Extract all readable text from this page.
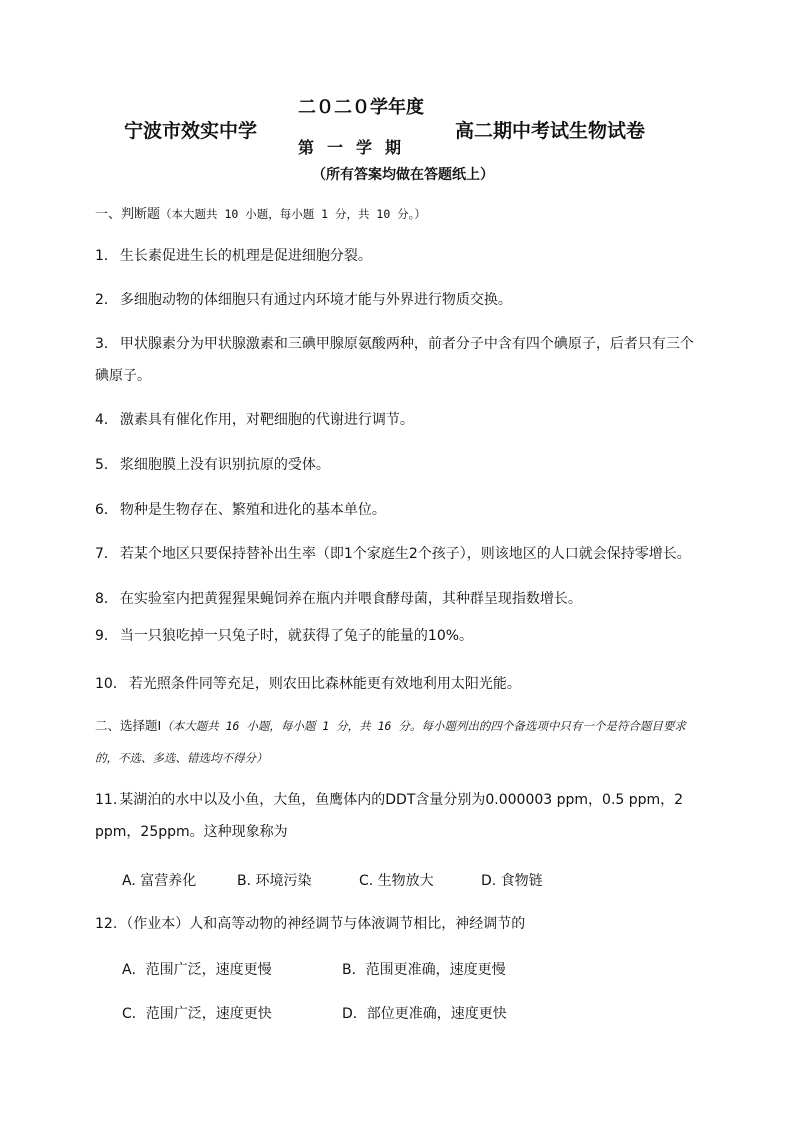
宁波市效实中学
二０二０学年度
第一学期
高二期中考试生物试卷
（所有答案均做在答题纸上）
一、判断题（本大题共 10 小题，每小题 1 分，共 10 分。）
1． 生长素促进生长的机理是促进细胞分裂。
2． 多细胞动物的体细胞只有通过内环境才能与外界进行物质交换。
3． 甲状腺素分为甲状腺激素和三碘甲腺原氨酸两种，前者分子中含有四个碘原子，后者只有三个碘原子。
4． 激素具有催化作用，对靶细胞的代谢进行调节。
5． 浆细胞膜上没有识别抗原的受体。
6． 物种是生物存在、繁殖和进化的基本单位。
7． 若某个地区只要保持替补出生率（即1个家庭生2个孩子），则该地区的人口就会保持零增长。
8． 在实验室内把黄猩猩果蝇饲养在瓶内并喂食酵母菌，其种群呈现指数增长。
9． 当一只狼吃掉一只兔子时，就获得了兔子的能量的10%。
10． 若光照条件同等充足，则农田比森林能更有效地利用太阳光能。
二、选择题Ⅰ（本大题共 16 小题，每小题 1 分，共 16 分。每小题列出的四个备选项中只有一个是符合题目要求的，不选、多选、错选均不得分）
11. 某湖泊的水中以及小鱼，大鱼，鱼鹰体内的DDT含量分别为0.000003 ppm，0.5 ppm，2 ppm，25ppm。这种现象称为
A. 富营养化	B. 环境污染	C. 生物放大	D. 食物链
12. （作业本）人和高等动物的神经调节与体液调节相比，神经调节的
A．范围广泛，速度更慢	B．范围更准确，速度更慢
C．范围广泛，速度更快	D．部位更准确，速度更快
